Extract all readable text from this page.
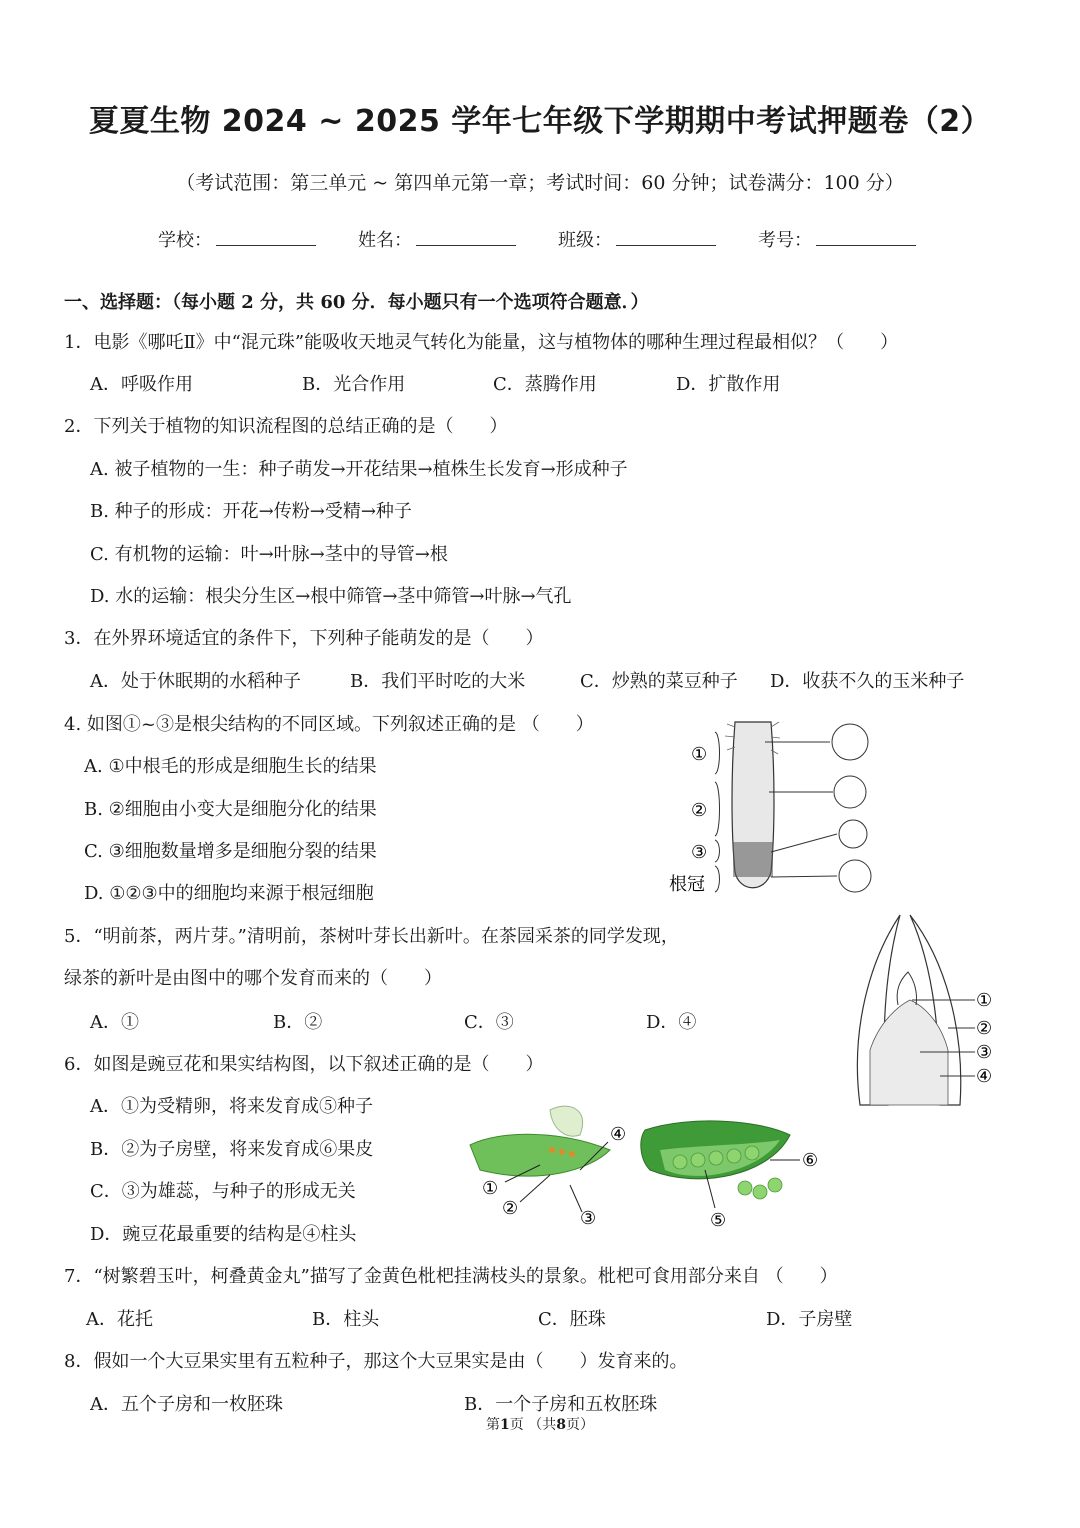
夏夏生物 2024 ~ 2025 学年七年级下学期期中考试押题卷（2）
（考试范围：第三单元 ~ 第四单元第一章；考试时间：60 分钟；试卷满分：100 分）
学校：	姓名：	班级：	考号：
一、选择题：（每小题 2 分，共 60 分．每小题只有一个选项符合题意．）
1．电影《哪吒Ⅱ》中“混元珠”能吸收天地灵气转化为能量，这与植物体的哪种生理过程最相似？（　　）
A．呼吸作用	B．光合作用	C．蒸腾作用	D．扩散作用
2．下列关于植物的知识流程图的总结正确的是（　　）
A. 被子植物的一生：种子萌发→开花结果→植株生长发育→形成种子
B. 种子的形成：开花→传粉→受精→种子
C. 有机物的运输：叶→叶脉→茎中的导管→根
D. 水的运输：根尖分生区→根中筛管→茎中筛管→叶脉→气孔
3．在外界环境适宜的条件下，下列种子能萌发的是（　　）
A．处于休眠期的水稻种子	B．我们平时吃的大米	C．炒熟的菜豆种子 D．收获不久的玉米种子
4. 如图①~③是根尖结构的不同区域。下列叙述正确的是 （　　）
A. ①中根毛的形成是细胞生长的结果
B. ②细胞由小变大是细胞分化的结果
C. ③细胞数量增多是细胞分裂的结果
D. ①②③中的细胞均来源于根冠细胞
①
②
③
根冠
5．“明前茶，两片芽。”清明前，茶树叶芽长出新叶。在茶园采茶的同学发现，
绿茶的新叶是由图中的哪个发育而来的（　　）
A．①	B．②	C．③	D．④
①
②
③
④
6．如图是豌豆花和果实结构图，以下叙述正确的是（　　）
A．①为受精卵，将来发育成⑤种子
B．②为子房壁，将来发育成⑥果皮
C．③为雄蕊，与种子的形成无关
D．豌豆花最重要的结构是④柱头
④
①
②	③	⑤
⑥
7．“树繁碧玉叶，柯叠黄金丸”描写了金黄色枇杷挂满枝头的景象。枇杷可食用部分来自 （　　）
A．花托	B．柱头	C．胚珠	D．子房壁
8．假如一个大豆果实里有五粒种子，那这个大豆果实是由（　　）发育来的。
A．五个子房和一枚胚珠	B．一个子房和五枚胚珠
第1页 （共8页）
